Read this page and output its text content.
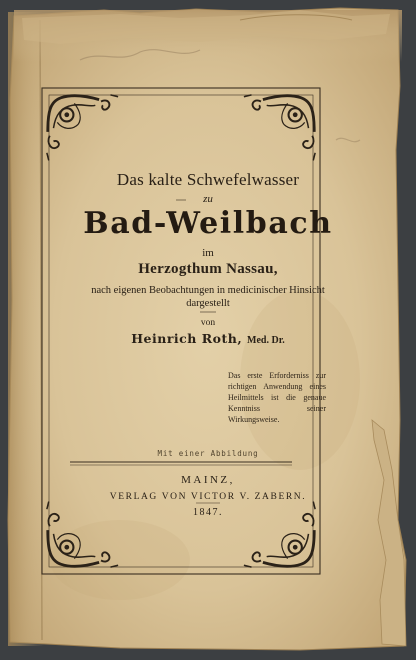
Das kalte Schwefelwasser
zu
Bad-Weilbach
im
Herzogthum Nassau,
nach eigenen Beobachtungen in medicinischer Hinsicht
dargestellt
von
Heinrich Roth, Med. Dr.
Das erste Erforderniss zur richtigen Anwendung eines Heilmittels ist die genaue Kenntniss seiner Wirkungsweise.
Mit einer Abbildung
MAINZ,
VERLAG VON VICTOR V. ZABERN.
1847.
